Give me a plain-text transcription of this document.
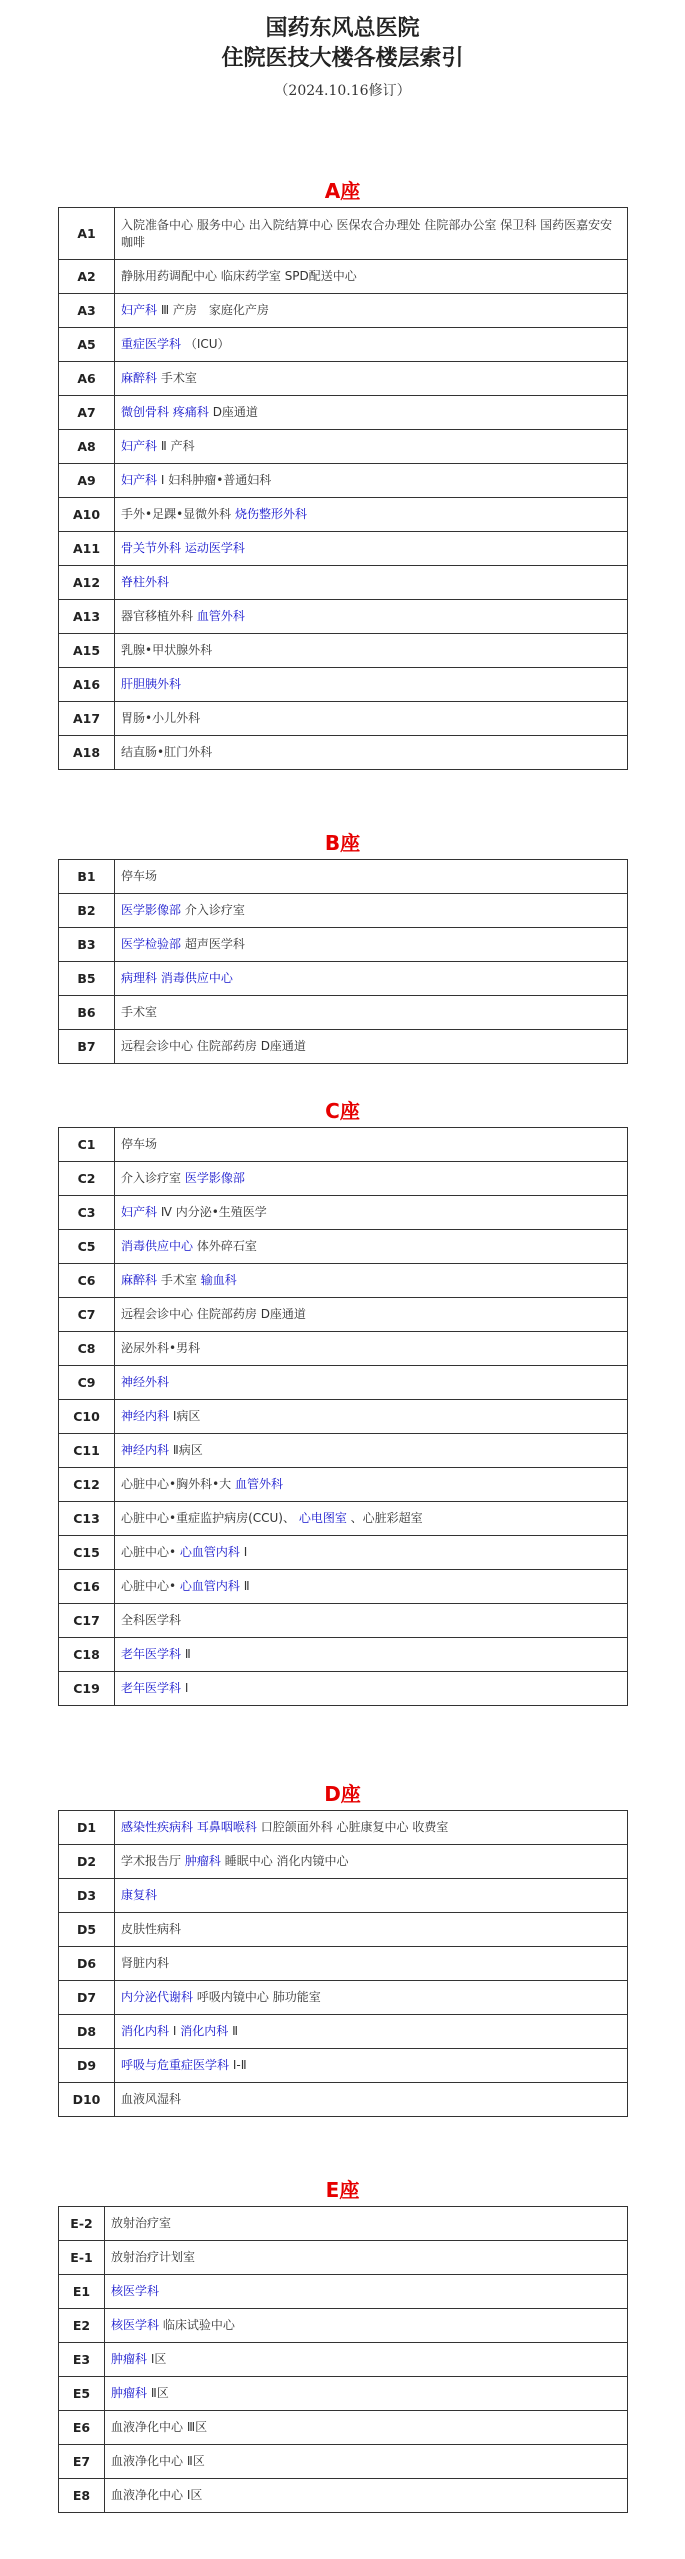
国药东风总医院
住院医技大楼各楼层索引
（2024.10.16修订）
A座
A1	入院准备中心 服务中心 出入院结算中心 医保农合办理处 住院部办公室 保卫科 国药医嘉安安咖啡
A2	静脉用药调配中心 临床药学室 SPD配送中心
A3	妇产科 Ⅲ 产房　家庭化产房
A5	重症医学科 （ICU）
A6	麻醉科 手术室
A7	微创骨科 疼痛科 D座通道
A8	妇产科 Ⅱ 产科
A9	妇产科 Ⅰ 妇科肿瘤•普通妇科
A10	手外•足踝•显微外科 烧伤整形外科
A11	骨关节外科 运动医学科
A12	脊柱外科
A13	器官移植外科 血管外科
A15	乳腺•甲状腺外科
A16	肝胆胰外科
A17	胃肠•小儿外科
A18	结直肠•肛门外科
B座
B1	停车场
B2	医学影像部 介入诊疗室
B3	医学检验部 超声医学科
B5	病理科 消毒供应中心
B6	手术室
B7	远程会诊中心 住院部药房 D座通道
C座
C1	停车场
C2	介入诊疗室 医学影像部
C3	妇产科 Ⅳ 内分泌•生殖医学
C5	消毒供应中心 体外碎石室
C6	麻醉科 手术室 输血科
C7	远程会诊中心 住院部药房 D座通道
C8	泌尿外科•男科
C9	神经外科
C10	神经内科 Ⅰ病区
C11	神经内科 Ⅱ病区
C12	心脏中心•胸外科•大 血管外科
C13	心脏中心•重症监护病房(CCU)、 心电图室 、心脏彩超室
C15	心脏中心• 心血管内科 Ⅰ
C16	心脏中心• 心血管内科 Ⅱ
C17	全科医学科
C18	老年医学科 Ⅱ
C19	老年医学科 Ⅰ
D座
D1	感染性疾病科 耳鼻咽喉科 口腔颌面外科 心脏康复中心 收费室
D2	学术报告厅 肿瘤科 睡眠中心 消化内镜中心
D3	康复科
D5	皮肤性病科
D6	肾脏内科
D7	内分泌代谢科 呼吸内镜中心 肺功能室
D8	消化内科 Ⅰ 消化内科 Ⅱ
D9	呼吸与危重症医学科 Ⅰ-Ⅱ
D10	血液风湿科
E座
E-2	放射治疗室
E-1	放射治疗计划室
E1	核医学科
E2	核医学科 临床试验中心
E3	肿瘤科 Ⅰ区
E5	肿瘤科 Ⅱ区
E6	血液净化中心 Ⅲ区
E7	血液净化中心 Ⅱ区
E8	血液净化中心 Ⅰ区
